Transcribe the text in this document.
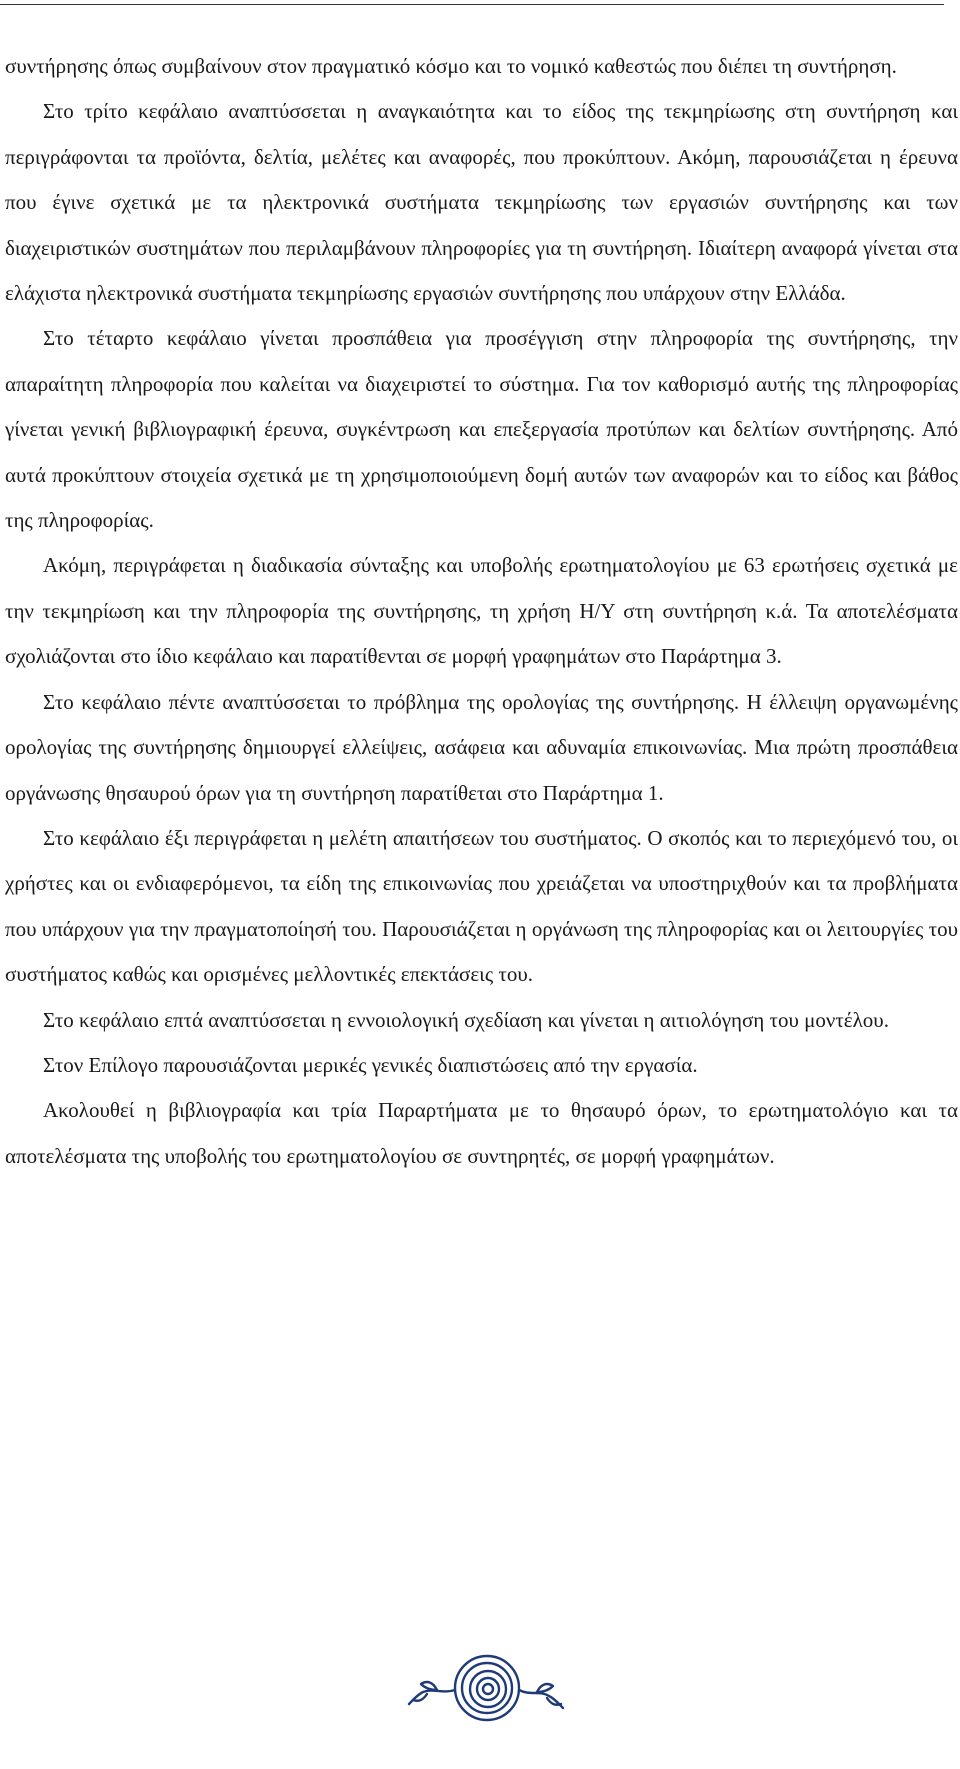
συντήρησης όπως συμβαίνουν στον πραγματικό κόσμο και το νομικό καθεστώς που διέπει τη συντήρηση.

Στο τρίτο κεφάλαιο αναπτύσσεται η αναγκαιότητα και το είδος της τεκμηρίωσης στη συντήρηση και περιγράφονται τα προϊόντα, δελτία, μελέτες και αναφορές, που προκύπτουν. Ακόμη, παρουσιάζεται η έρευνα που έγινε σχετικά με τα ηλεκτρονικά συστήματα τεκμηρίωσης των εργασιών συντήρησης και των διαχειριστικών συστημάτων που περιλαμβάνουν πληροφορίες για τη συντήρηση. Ιδιαίτερη αναφορά γίνεται στα ελάχιστα ηλεκτρονικά συστήματα τεκμηρίωσης εργασιών συντήρησης που υπάρχουν στην Ελλάδα.

Στο τέταρτο κεφάλαιο γίνεται προσπάθεια για προσέγγιση στην πληροφορία της συντήρησης, την απαραίτητη πληροφορία που καλείται να διαχειριστεί το σύστημα. Για τον καθορισμό αυτής της πληροφορίας γίνεται γενική βιβλιογραφική έρευνα, συγκέντρωση και επεξεργασία προτύπων και δελτίων συντήρησης. Από αυτά προκύπτουν στοιχεία σχετικά με τη χρησιμοποιούμενη δομή αυτών των αναφορών και το είδος και βάθος της πληροφορίας.

Ακόμη, περιγράφεται η διαδικασία σύνταξης και υποβολής ερωτηματολογίου με 63 ερωτήσεις σχετικά με την τεκμηρίωση και την πληροφορία της συντήρησης, τη χρήση Η/Υ στη συντήρηση κ.ά. Τα αποτελέσματα σχολιάζονται στο ίδιο κεφάλαιο και παρατίθενται σε μορφή γραφημάτων στο Παράρτημα 3.

Στο κεφάλαιο πέντε αναπτύσσεται το πρόβλημα της ορολογίας της συντήρησης. Η έλλειψη οργανωμένης ορολογίας της συντήρησης δημιουργεί ελλείψεις, ασάφεια και αδυναμία επικοινωνίας. Μια πρώτη προσπάθεια οργάνωσης θησαυρού όρων για τη συντήρηση παρατίθεται στο Παράρτημα 1.

Στο κεφάλαιο έξι περιγράφεται η μελέτη απαιτήσεων του συστήματος. Ο σκοπός και το περιεχόμενό του, οι χρήστες και οι ενδιαφερόμενοι, τα είδη της επικοινωνίας που χρειάζεται να υποστηριχθούν και τα προβλήματα που υπάρχουν για την πραγματοποίησή του. Παρουσιάζεται η οργάνωση της πληροφορίας και οι λειτουργίες του συστήματος καθώς και ορισμένες μελλοντικές επεκτάσεις του.

Στο κεφάλαιο επτά αναπτύσσεται η εννοιολογική σχεδίαση και γίνεται η αιτιολόγηση του μοντέλου.

Στον Επίλογο παρουσιάζονται μερικές γενικές διαπιστώσεις από την εργασία.

Ακολουθεί η βιβλιογραφία και τρία Παραρτήματα με το θησαυρό όρων, το ερωτηματολόγιο και τα αποτελέσματα της υποβολής του ερωτηματολογίου σε συντηρητές, σε μορφή γραφημάτων.
